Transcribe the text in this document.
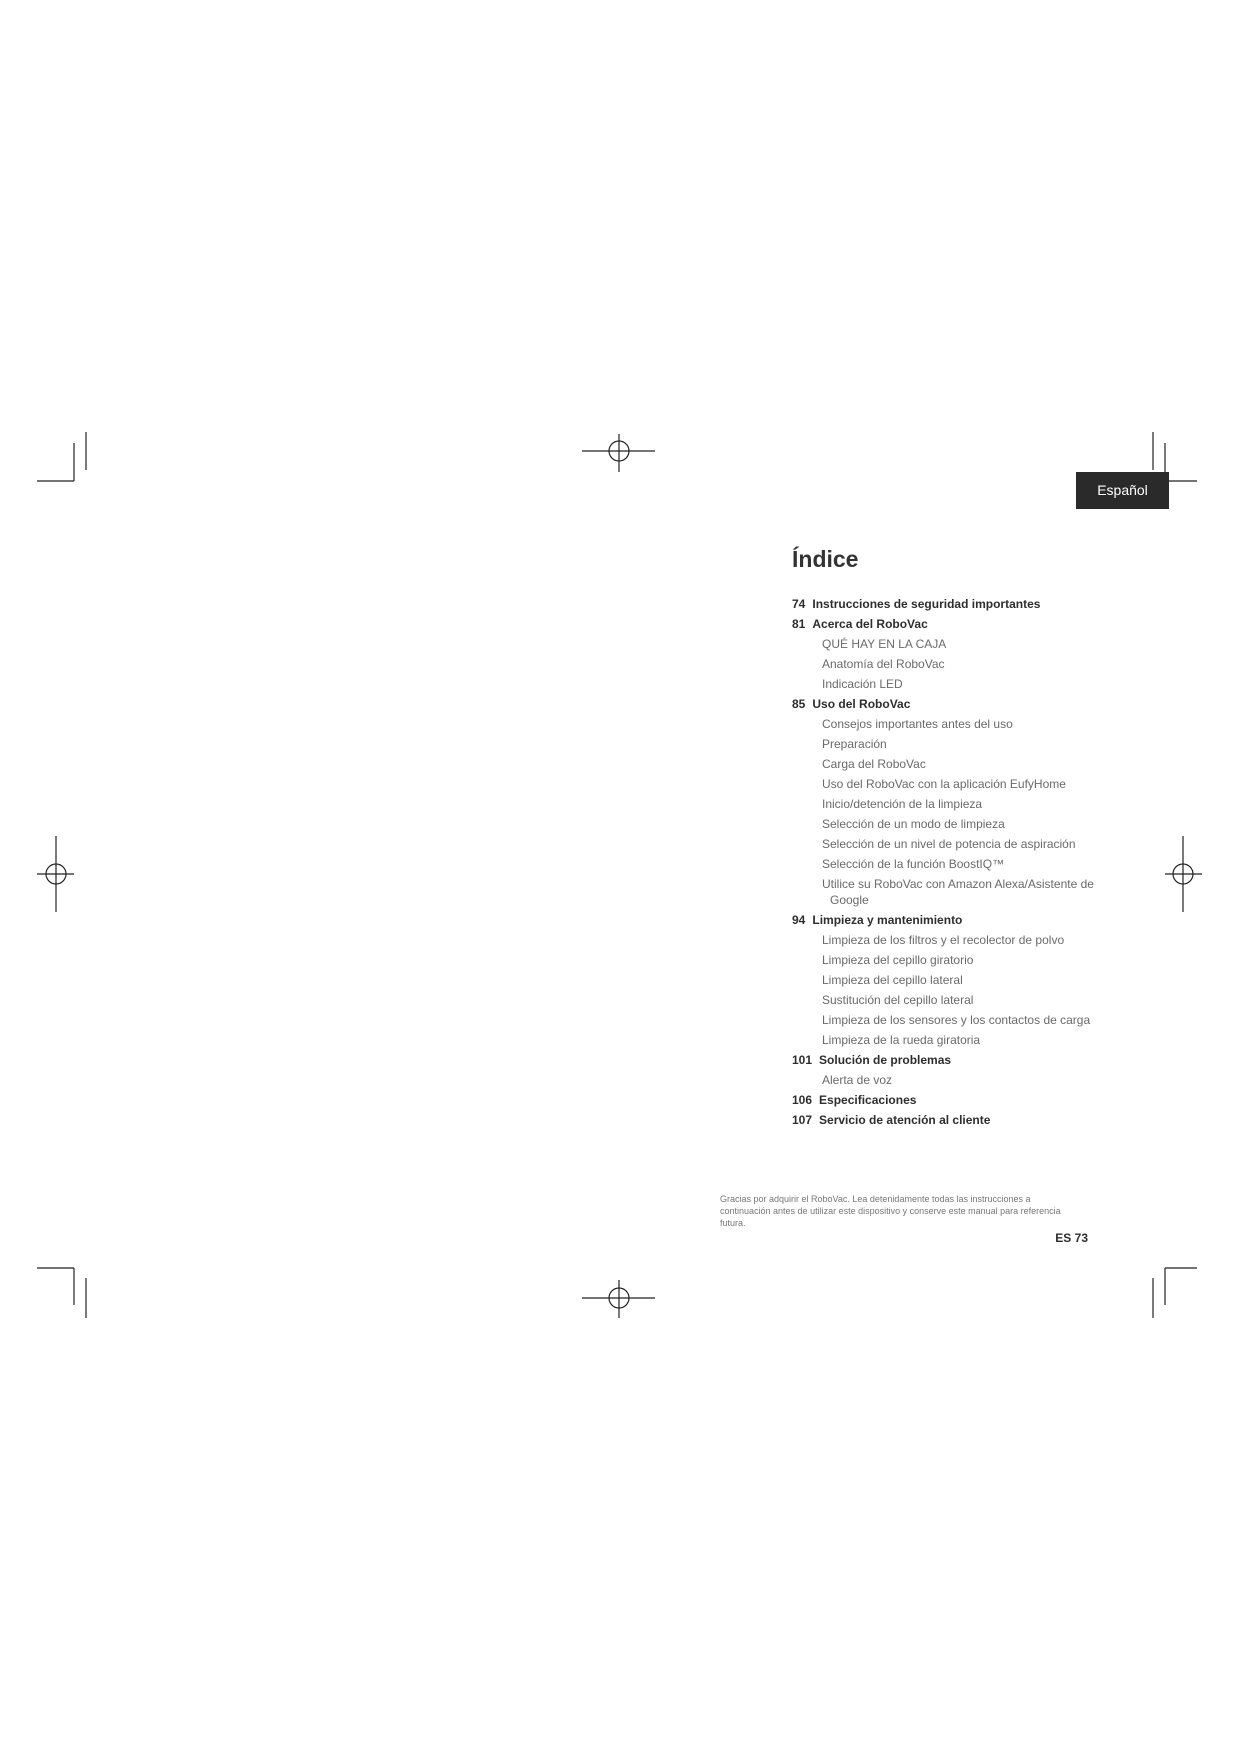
Español
Índice
74 Instrucciones de seguridad importantes
81 Acerca del RoboVac
QUÉ HAY EN LA CAJA
Anatomía del RoboVac
Indicación LED
85 Uso del RoboVac
Consejos importantes antes del uso
Preparación
Carga del RoboVac
Uso del RoboVac con la aplicación EufyHome
Inicio/detención de la limpieza
Selección de un modo de limpieza
Selección de un nivel de potencia de aspiración
Selección de la función BoostIQ™
Utilice su RoboVac con Amazon Alexa/Asistente de Google
94 Limpieza y mantenimiento
Limpieza de los filtros y el recolector de polvo
Limpieza del cepillo giratorio
Limpieza del cepillo lateral
Sustitución del cepillo lateral
Limpieza de los sensores y los contactos de carga
Limpieza de la rueda giratoria
101 Solución de problemas
Alerta de voz
106 Especificaciones
107 Servicio de atención al cliente

Gracias por adquirir el RoboVac. Lea detenidamente todas las instrucciones a continuación antes de utilizar este dispositivo y conserve este manual para referencia futura.

ES 73
